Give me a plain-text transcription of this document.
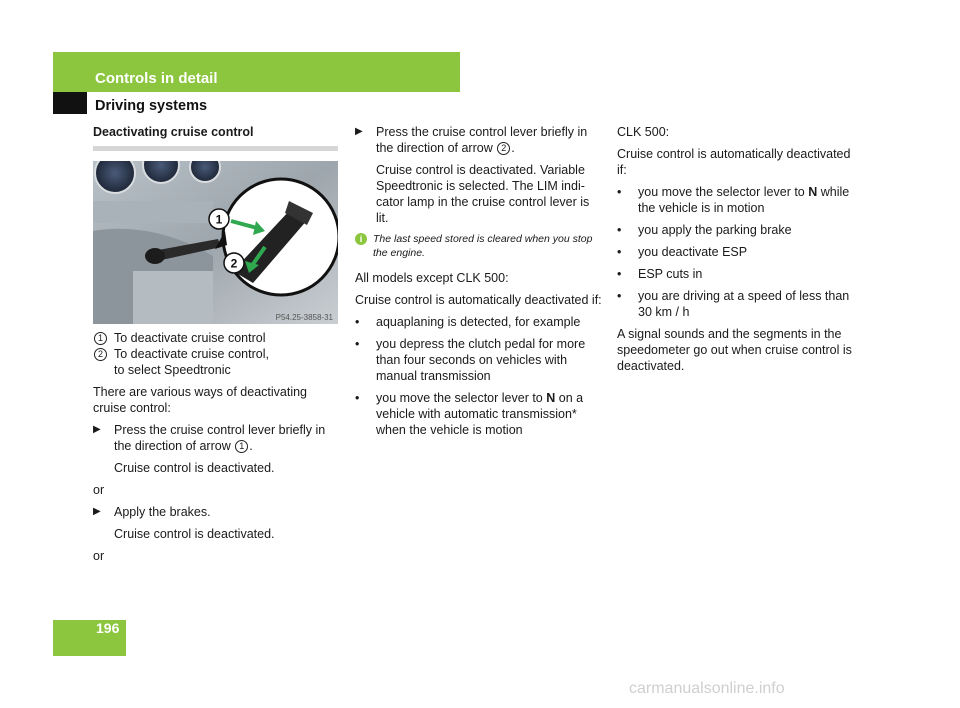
Controls in detail
Driving systems
Deactivating cruise control
1
2
P54.25-3858-31
1 To deactivate cruise control
2 To deactivate cruise control,
to select Speedtronic
There are various ways of deactivating cruise control:
▶	Press the cruise control lever briefly in the direction of arrow 1 .
Cruise control is deactivated.
or
▶	Apply the brakes.
Cruise control is deactivated.
or
▶	Press the cruise control lever briefly in the direction of arrow 2 .
Cruise control is deactivated. Variable Speedtronic is selected. The LIM indi-cator lamp in the cruise control lever is lit.
i	The last speed stored is cleared when you stop the engine.
All models except CLK 500:
Cruise control is automatically deactivated if:
•	aquaplaning is detected, for example
•	you depress the clutch pedal for more than four seconds on vehicles with manual transmission
•	you move the selector lever to N on a vehicle with automatic transmission* when the vehicle is motion
CLK 500:
Cruise control is automatically deactivated if:
•	you move the selector lever to N while the vehicle is in motion
•	you apply the parking brake
•	you deactivate ESP
•	ESP cuts in
•	you are driving at a speed of less than 30 km / h
A signal sounds and the segments in the speedometer go out when cruise control is deactivated.
196
carmanualsonline.info
